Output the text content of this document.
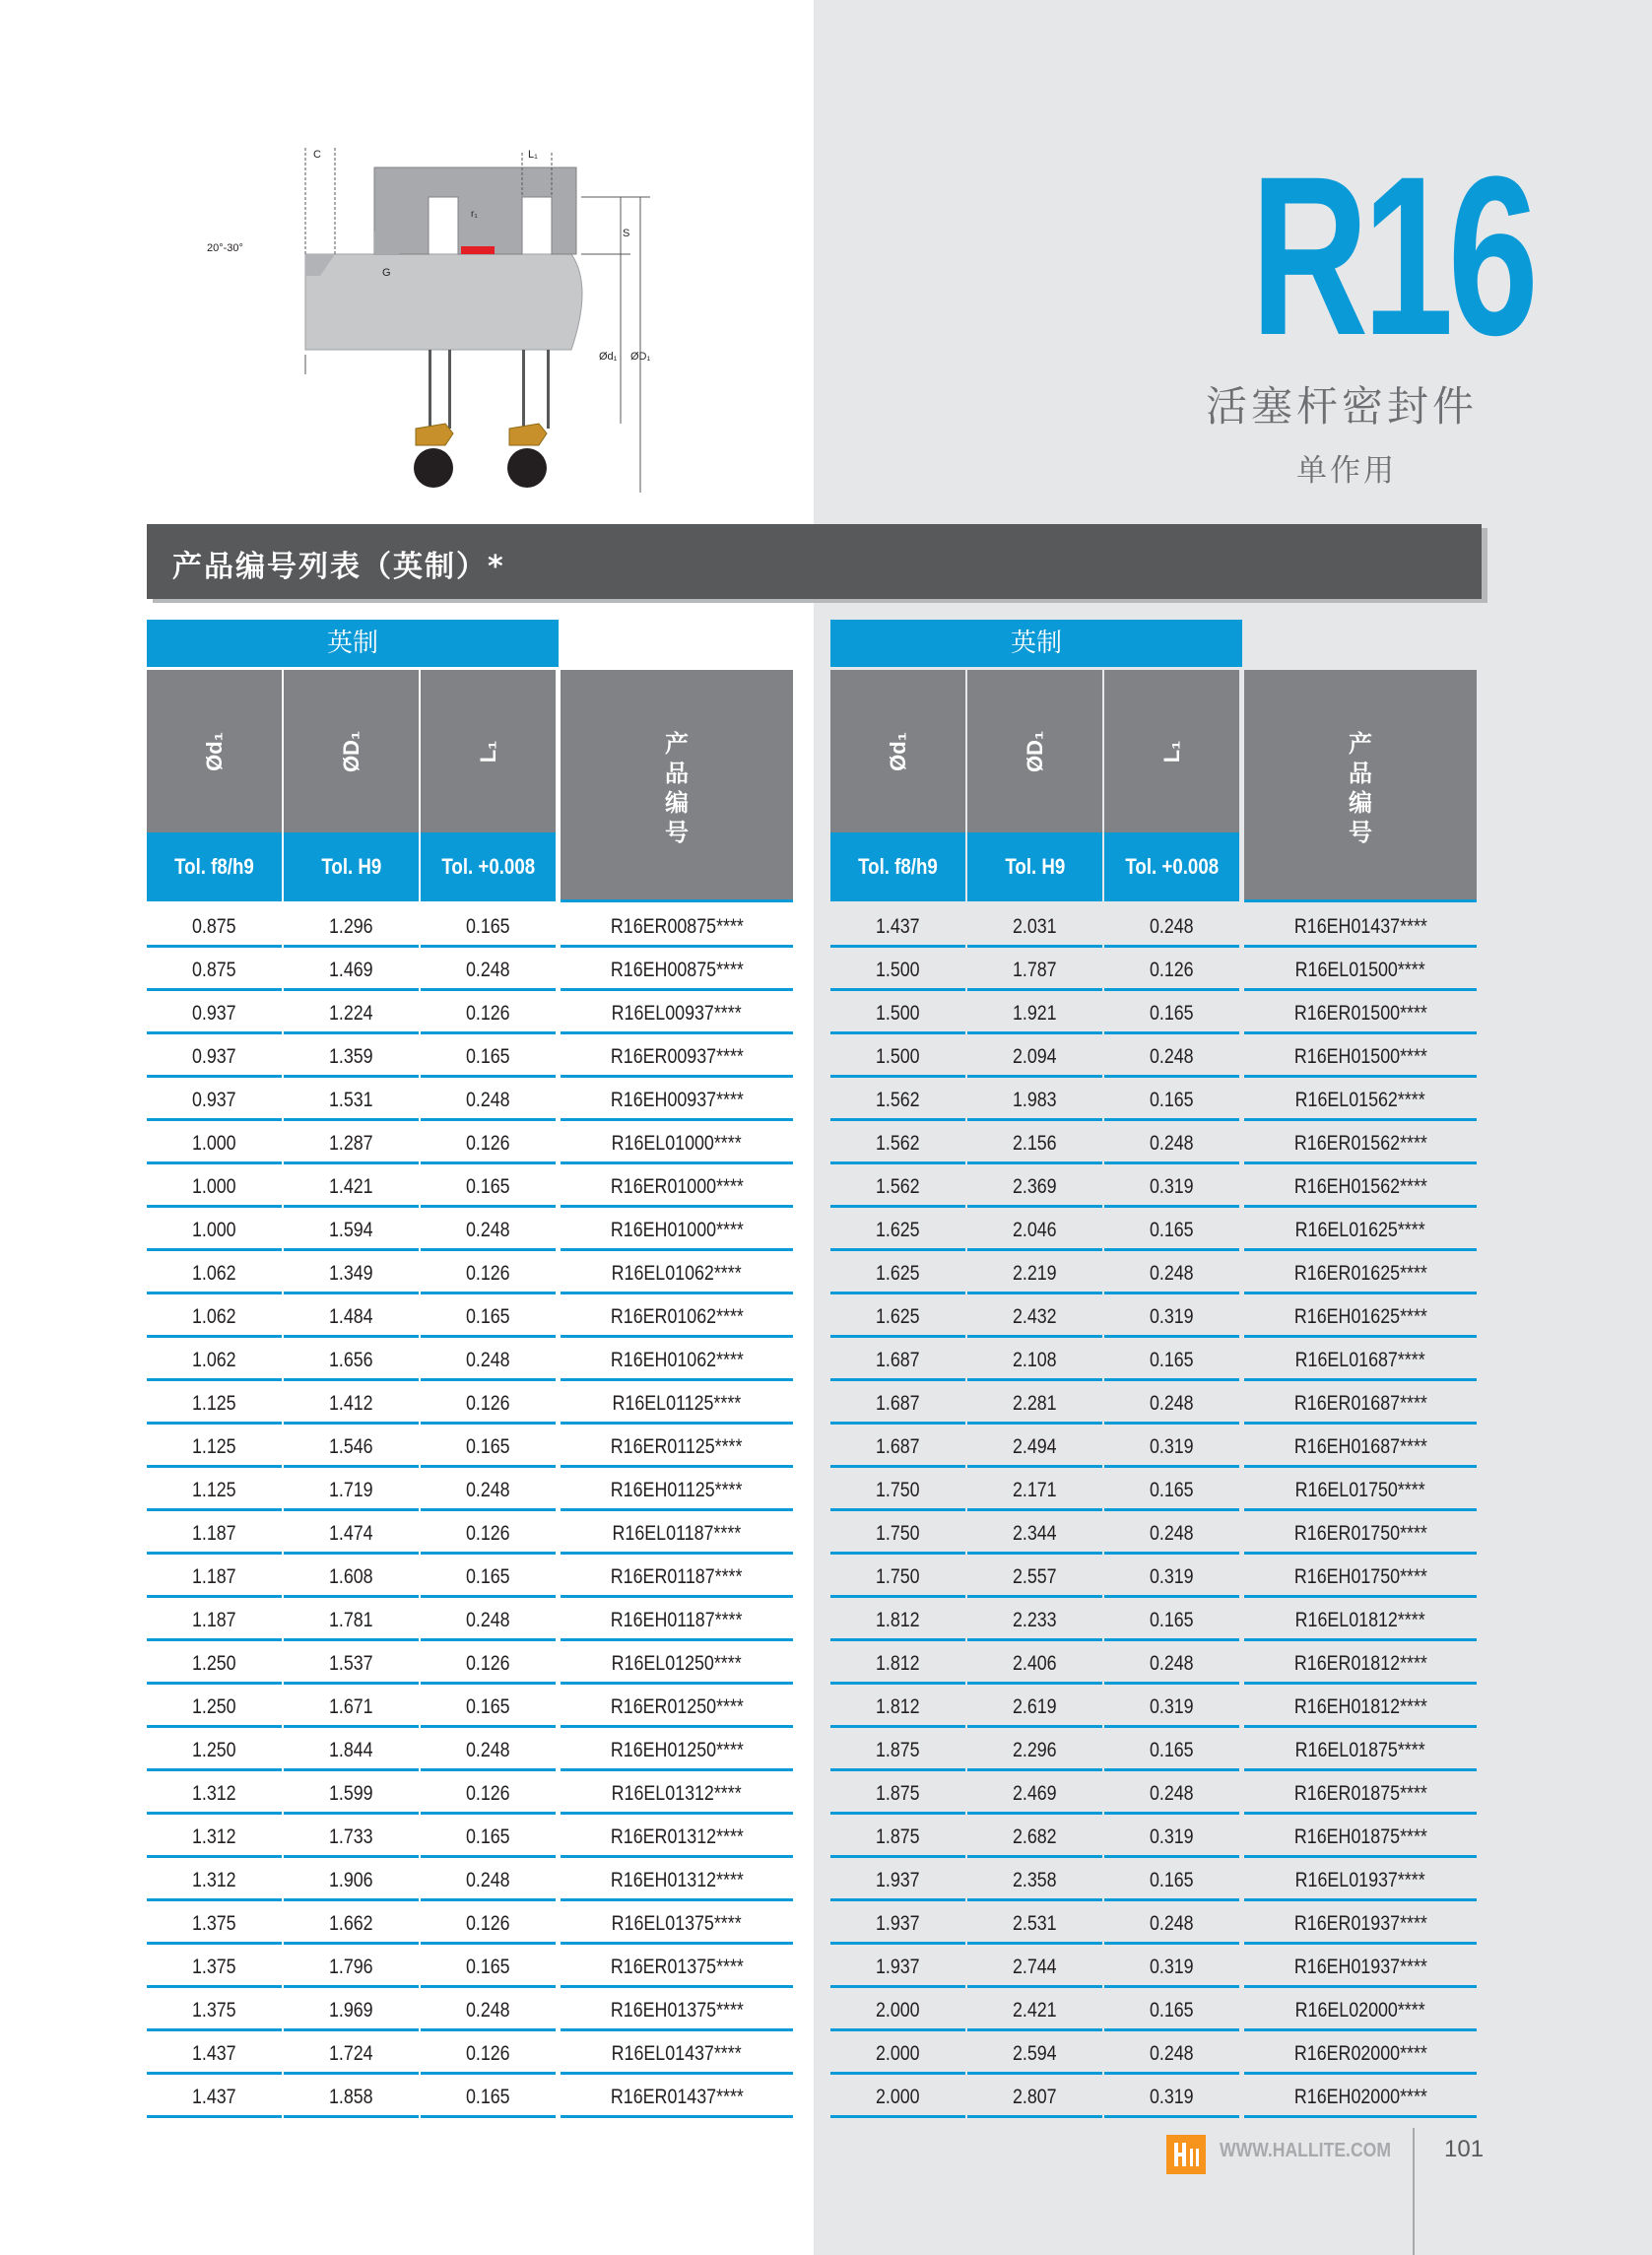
C	L₁
r₁
S
20°-30°
G
Ød₁ ØD₁	R16
活塞杆密封件
单作用
产品编号列表（英制）*
英制
Ød₁	ØD₁	L₁	产品编号
Tol. f8/h9	Tol. H9	Tol. +0.008
0.875	1.296	0.165	R16ER00875****
0.875	1.469	0.248	R16EH00875****
0.937	1.224	0.126	R16EL00937****
0.937	1.359	0.165	R16ER00937****
0.937	1.531	0.248	R16EH00937****
1.000	1.287	0.126	R16EL01000****
1.000	1.421	0.165	R16ER01000****
1.000	1.594	0.248	R16EH01000****
1.062	1.349	0.126	R16EL01062****
1.062	1.484	0.165	R16ER01062****
1.062	1.656	0.248	R16EH01062****
1.125	1.412	0.126	R16EL01125****
1.125	1.546	0.165	R16ER01125****
1.125	1.719	0.248	R16EH01125****
1.187	1.474	0.126	R16EL01187****
1.187	1.608	0.165	R16ER01187****
1.187	1.781	0.248	R16EH01187****
1.250	1.537	0.126	R16EL01250****
1.250	1.671	0.165	R16ER01250****
1.250	1.844	0.248	R16EH01250****
1.312	1.599	0.126	R16EL01312****
1.312	1.733	0.165	R16ER01312****
1.312	1.906	0.248	R16EH01312****
1.375	1.662	0.126	R16EL01375****
1.375	1.796	0.165	R16ER01375****
1.375	1.969	0.248	R16EH01375****
1.437	1.724	0.126	R16EL01437****
1.437	1.858	0.165	R16ER01437****
英制
Ød₁	ØD₁	L₁	产品编号
Tol. f8/h9	Tol. H9	Tol. +0.008
1.437	2.031	0.248	R16EH01437****
1.500	1.787	0.126	R16EL01500****
1.500	1.921	0.165	R16ER01500****
1.500	2.094	0.248	R16EH01500****
1.562	1.983	0.165	R16EL01562****
1.562	2.156	0.248	R16ER01562****
1.562	2.369	0.319	R16EH01562****
1.625	2.046	0.165	R16EL01625****
1.625	2.219	0.248	R16ER01625****
1.625	2.432	0.319	R16EH01625****
1.687	2.108	0.165	R16EL01687****
1.687	2.281	0.248	R16ER01687****
1.687	2.494	0.319	R16EH01687****
1.750	2.171	0.165	R16EL01750****
1.750	2.344	0.248	R16ER01750****
1.750	2.557	0.319	R16EH01750****
1.812	2.233	0.165	R16EL01812****
1.812	2.406	0.248	R16ER01812****
1.812	2.619	0.319	R16EH01812****
1.875	2.296	0.165	R16EL01875****
1.875	2.469	0.248	R16ER01875****
1.875	2.682	0.319	R16EH01875****
1.937	2.358	0.165	R16EL01937****
1.937	2.531	0.248	R16ER01937****
1.937	2.744	0.319	R16EH01937****
2.000	2.421	0.165	R16EL02000****
2.000	2.594	0.248	R16ER02000****
2.000	2.807	0.319	R16EH02000****
WWW.HALLITE.COM 101
